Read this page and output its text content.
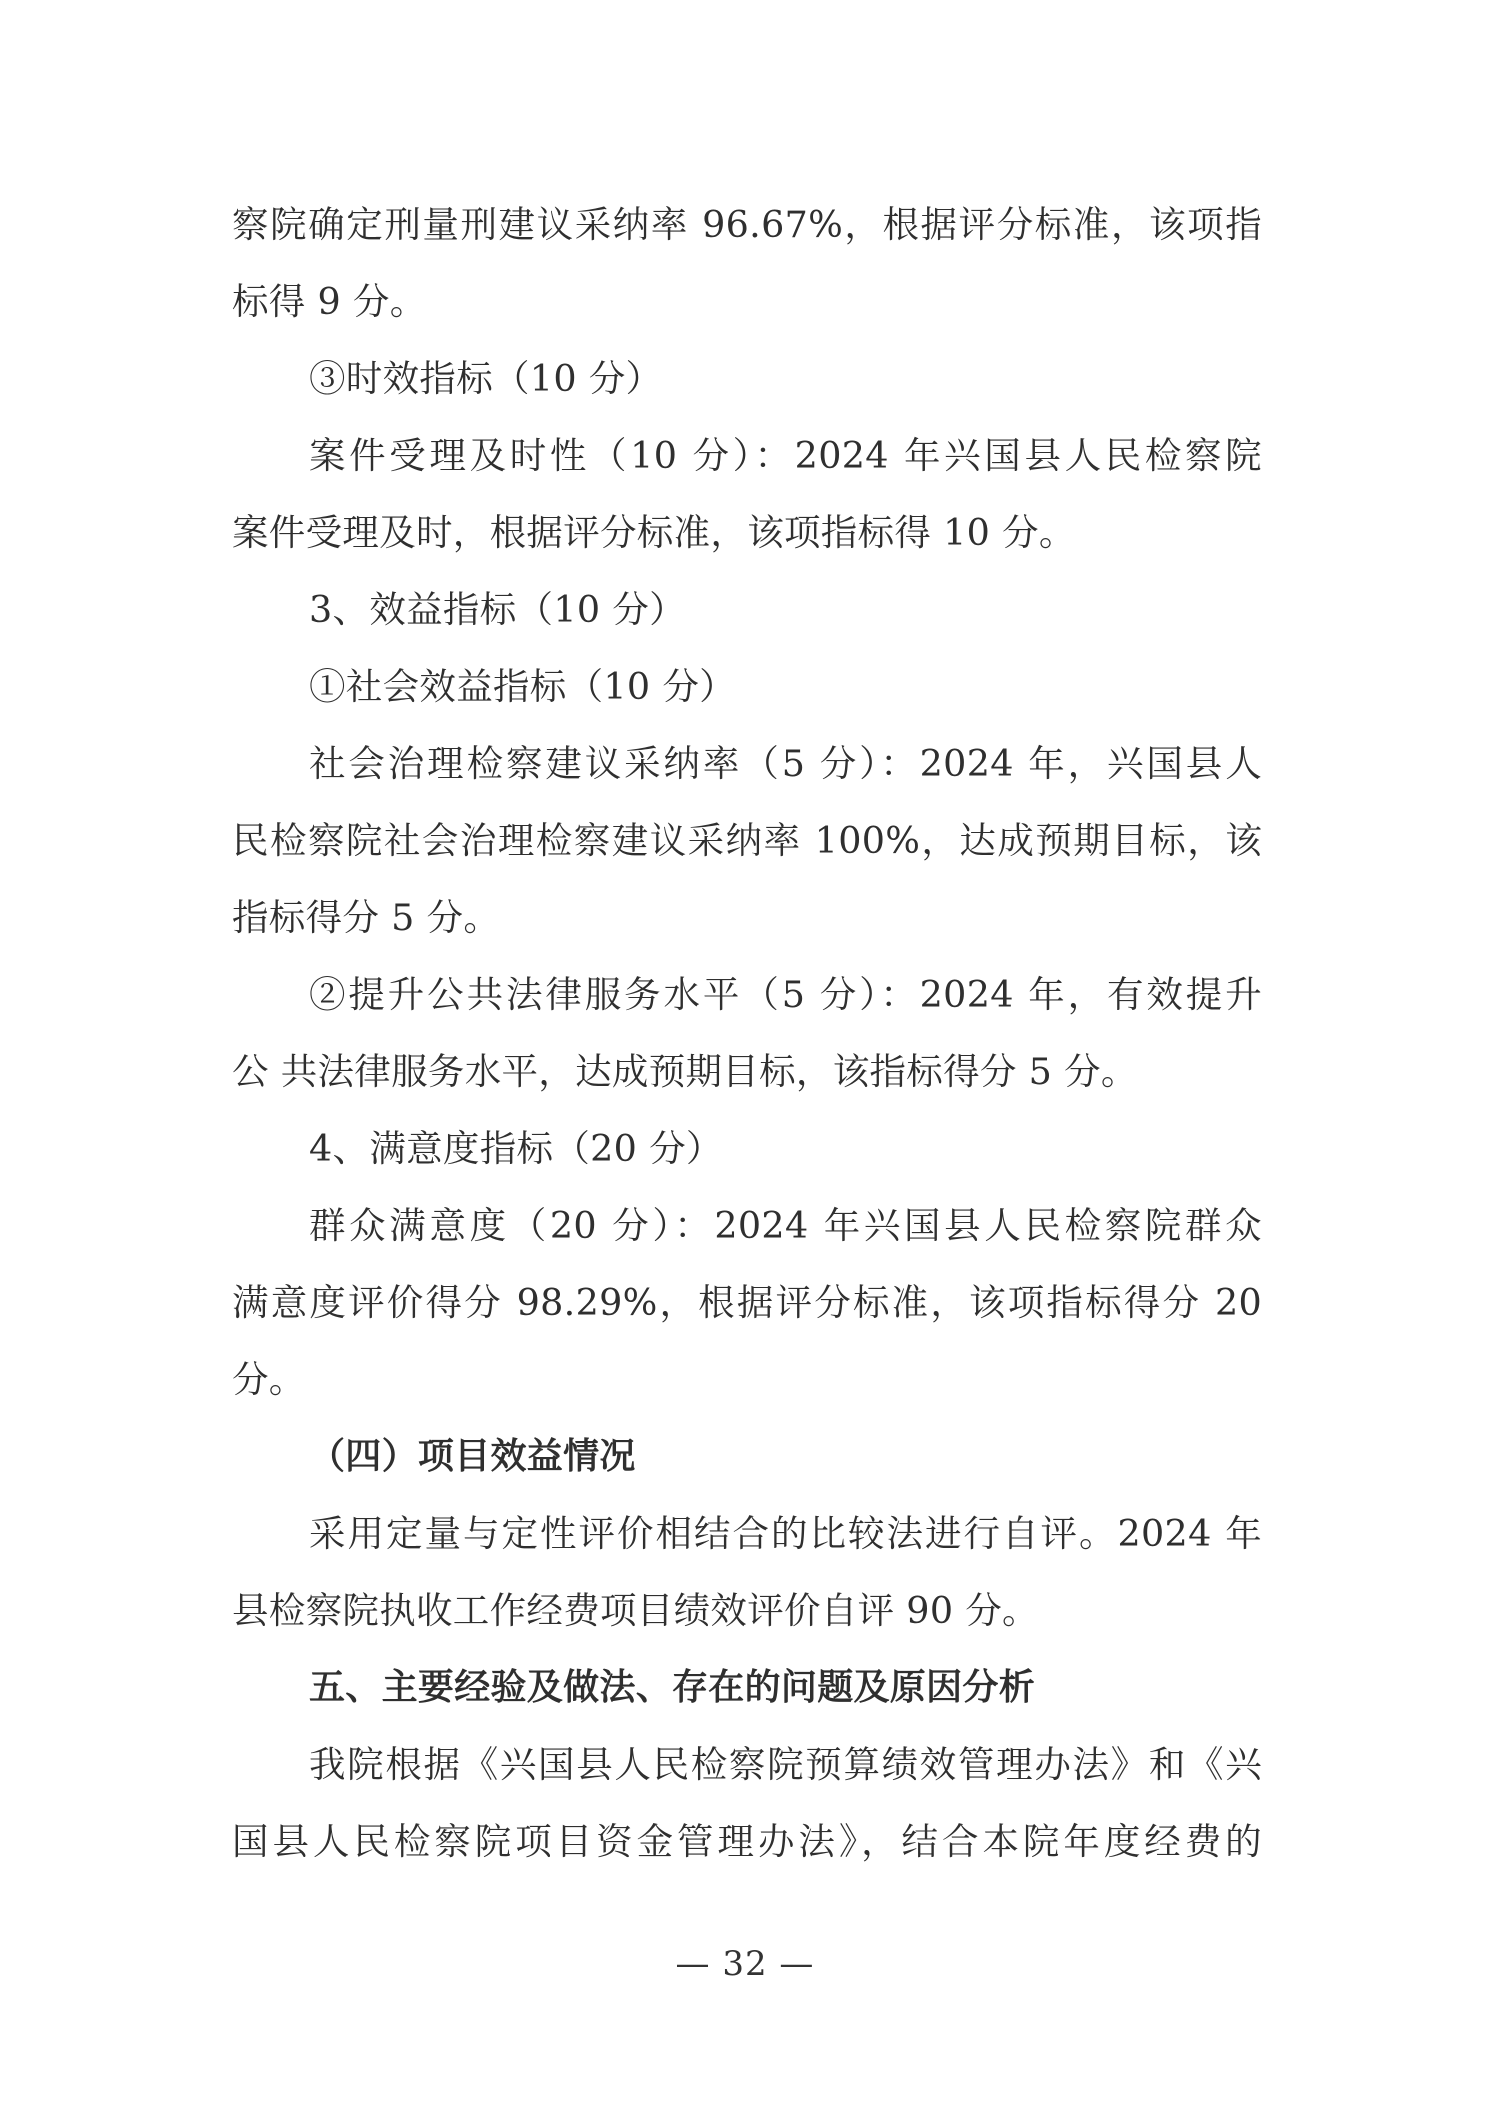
察院确定刑量刑建议采纳率 96.67%，根据评分标准，该项指
标得 9 分。
③时效指标（10 分）
案件受理及时性（10 分）：2024 年兴国县人民检察院
案件受理及时，根据评分标准，该项指标得 10 分。
3、效益指标（10 分）
①社会效益指标（10 分）
社会治理检察建议采纳率（5 分）：2024 年，兴国县人
民检察院社会治理检察建议采纳率 100%，达成预期目标，该
指标得分 5 分。
②提升公共法律服务水平（5 分）：2024 年，有效提升
公 共法律服务水平，达成预期目标，该指标得分 5 分。
4、满意度指标（20 分）
群众满意度（20 分）：2024 年兴国县人民检察院群众
满意度评价得分 98.29%，根据评分标准，该项指标得分 20
分。
（四）项目效益情况
采用定量与定性评价相结合的比较法进行自评。2024 年
县检察院执收工作经费项目绩效评价自评 90 分。
五、主要经验及做法、存在的问题及原因分析
我院根据《兴国县人民检察院预算绩效管理办法》和《兴
国县人民检察院项目资金管理办法》，结合本院年度经费的
— 32 —
